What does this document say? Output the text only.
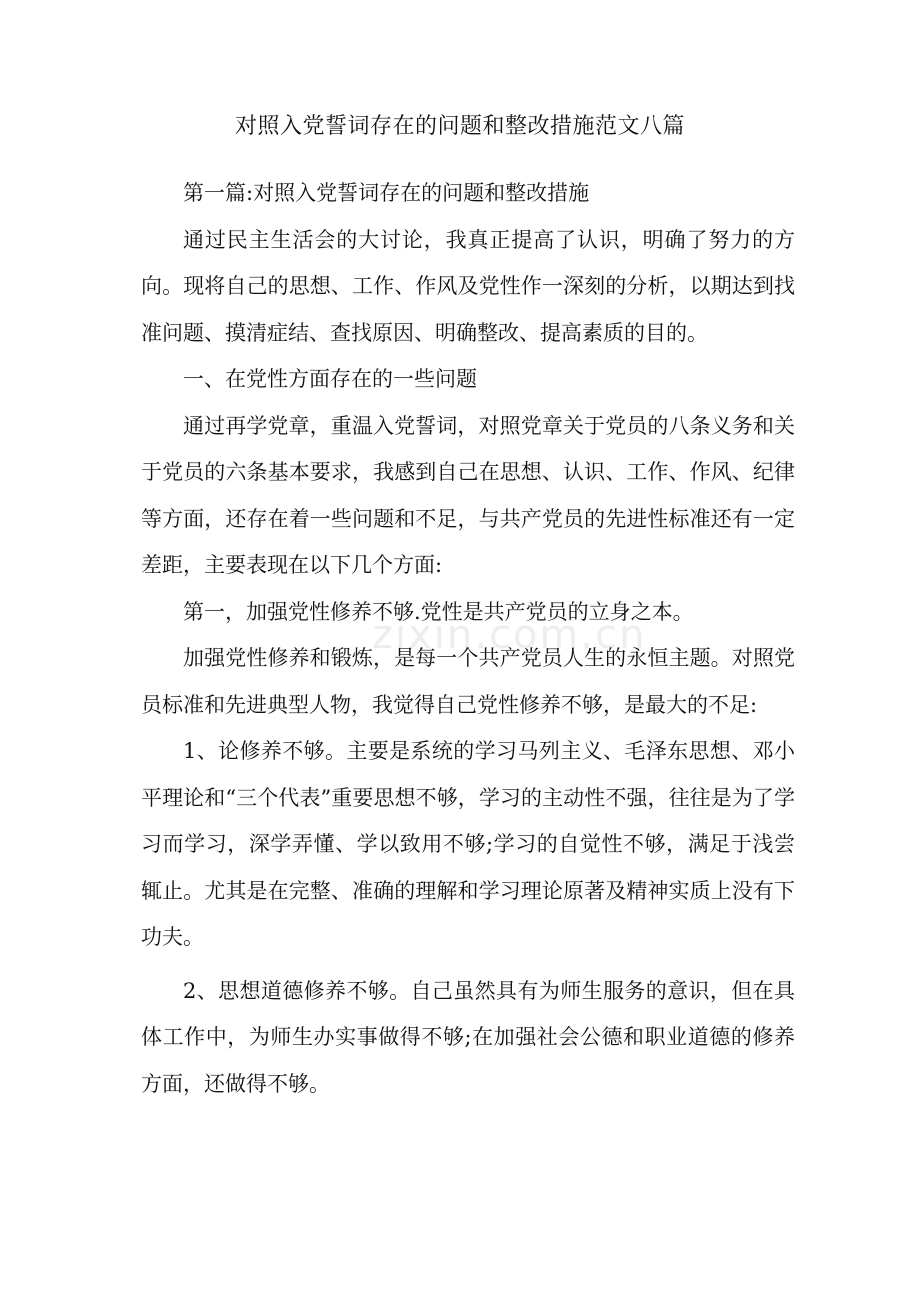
对照入党誓词存在的问题和整改措施范文八篇
zixin.com.cn

第一篇:对照入党誓词存在的问题和整改措施

通过民主生活会的大讨论，我真正提高了认识，明确了努力的方向。现将自己的思想、工作、作风及党性作一深刻的分析，以期达到找准问题、摸清症结、查找原因、明确整改、提高素质的目的。

一、在党性方面存在的一些问题

通过再学党章，重温入党誓词，对照党章关于党员的八条义务和关于党员的六条基本要求，我感到自己在思想、认识、工作、作风、纪律等方面，还存在着一些问题和不足，与共产党员的先进性标准还有一定差距，主要表现在以下几个方面:

第一，加强党性修养不够.党性是共产党员的立身之本。

加强党性修养和锻炼，是每一个共产党员人生的永恒主题。对照党员标准和先进典型人物，我觉得自己党性修养不够，是最大的不足:

1、论修养不够。主要是系统的学习马列主义、毛泽东思想、邓小平理论和“三个代表”重要思想不够，学习的主动性不强，往往是为了学习而学习，深学弄懂、学以致用不够;学习的自觉性不够，满足于浅尝辄止。尤其是在完整、准确的理解和学习理论原著及精神实质上没有下功夫。

2、思想道德修养不够。自己虽然具有为师生服务的意识，但在具体工作中，为师生办实事做得不够;在加强社会公德和职业道德的修养方面，还做得不够。
